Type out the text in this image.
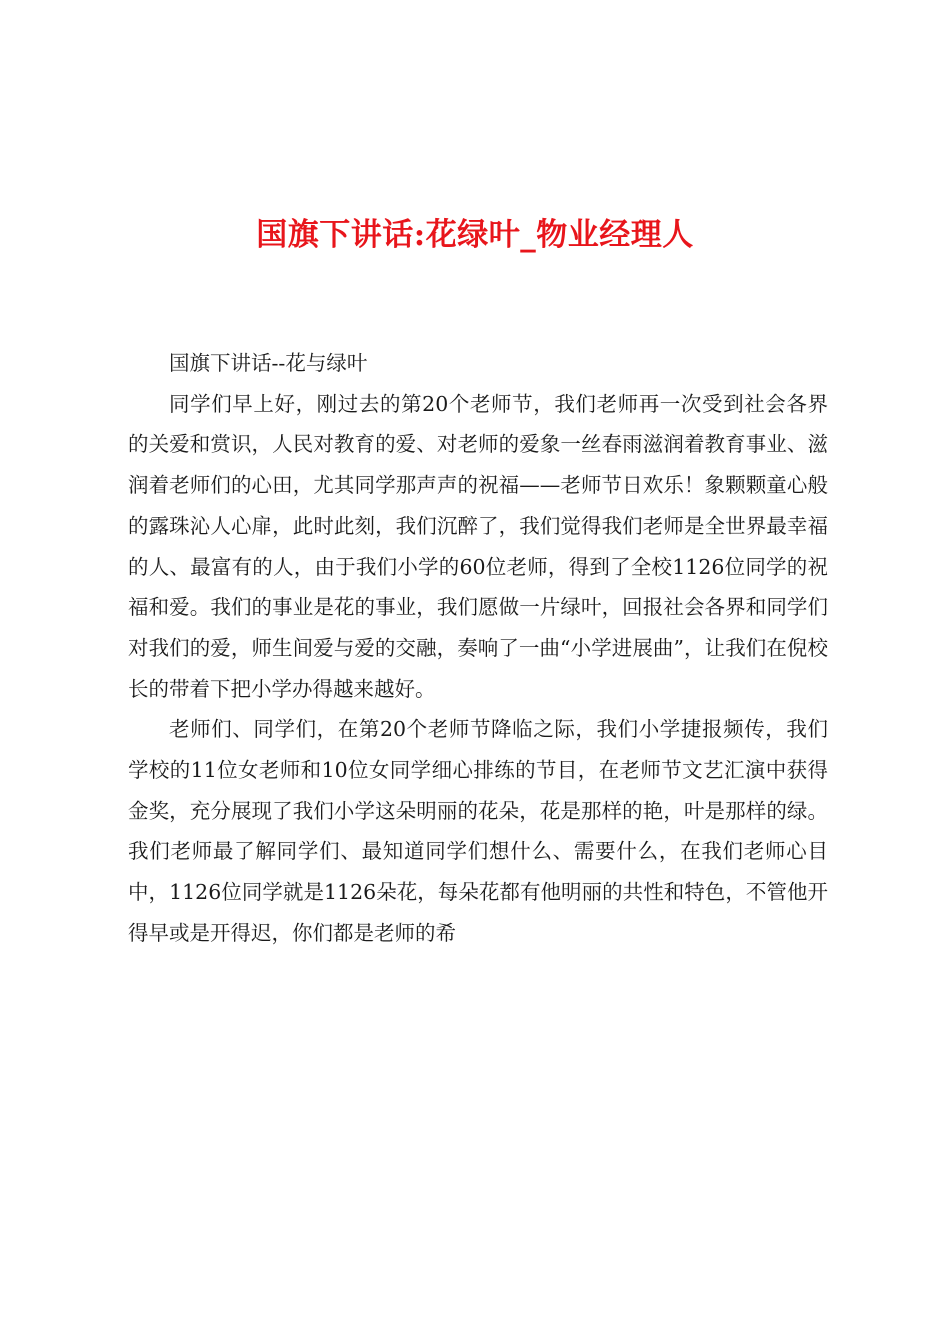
国旗下讲话:花绿叶_物业经理人

国旗下讲话--花与绿叶

同学们早上好，刚过去的第20个老师节，我们老师再一次受到社会各界的关爱和赏识，人民对教育的爱、对老师的爱象一丝春雨滋润着教育事业、滋润着老师们的心田，尤其同学那声声的祝福——老师节日欢乐！象颗颗童心般的露珠沁人心扉，此时此刻，我们沉醉了，我们觉得我们老师是全世界最幸福的人、最富有的人，由于我们小学的60位老师，得到了全校1126位同学的祝福和爱。我们的事业是花的事业，我们愿做一片绿叶，回报社会各界和同学们对我们的爱，师生间爱与爱的交融，奏响了一曲“小学进展曲”，让我们在倪校长的带着下把小学办得越来越好。

老师们、同学们，在第20个老师节降临之际，我们小学捷报频传，我们学校的11位女老师和10位女同学细心排练的节目，在老师节文艺汇演中获得金奖，充分展现了我们小学这朵明丽的花朵，花是那样的艳，叶是那样的绿。我们老师最了解同学们、最知道同学们想什么、需要什么，在我们老师心目中，1126位同学就是1126朵花，每朵花都有他明丽的共性和特色，不管他开得早或是开得迟，你们都是老师的希
